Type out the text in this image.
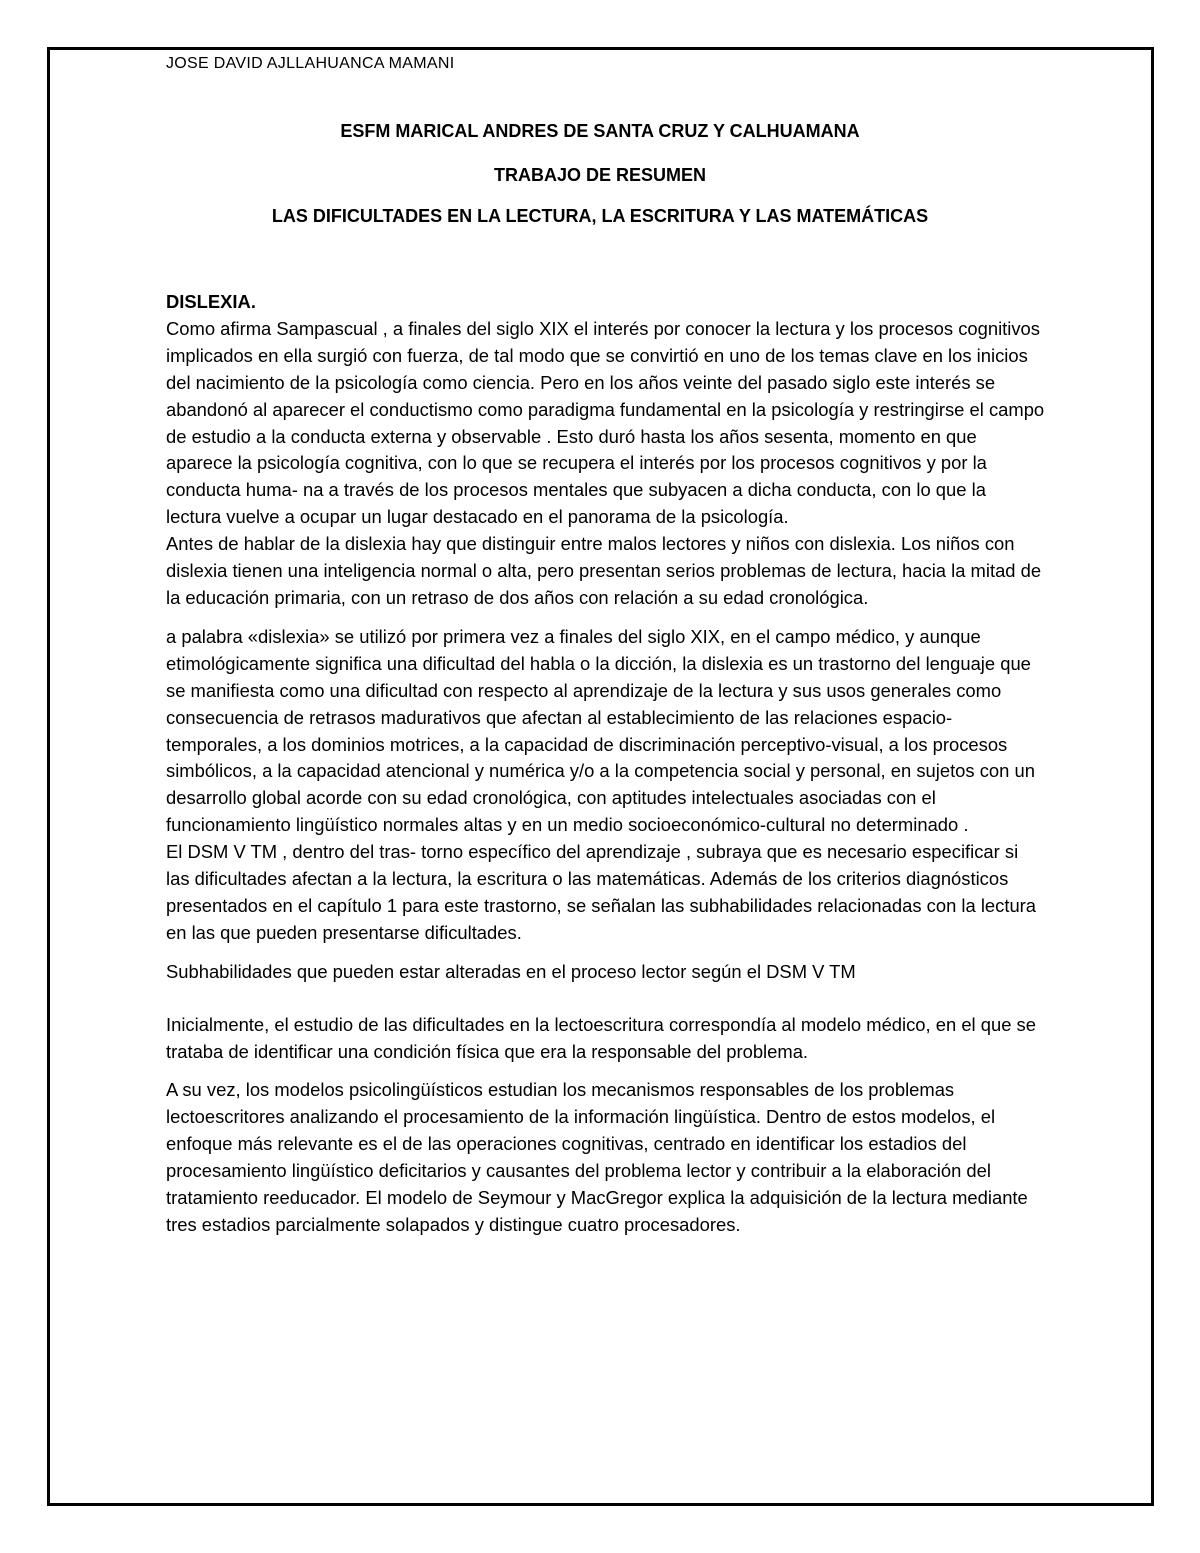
JOSE DAVID AJLLAHUANCA MAMANI
ESFM MARICAL ANDRES DE SANTA CRUZ Y CALHUAMANA
TRABAJO DE RESUMEN
LAS DIFICULTADES EN LA LECTURA, LA ESCRITURA Y LAS MATEMÁTICAS

DISLEXIA.

Como afirma Sampascual , a finales del siglo XIX el interés por conocer la lectura y los procesos cognitivos implicados en ella surgió con fuerza, de tal modo que se convirtió en uno de los temas clave en los inicios del nacimiento de la psicología como ciencia. Pero en los años veinte del pasado siglo este interés se abandonó al aparecer el conductismo como paradigma fundamental en la psicología y restringirse el campo de estudio a la conducta externa y observable . Esto duró hasta los años sesenta, momento en que aparece la psicología cognitiva, con lo que se recupera el interés por los procesos cognitivos y por la conducta huma- na a través de los procesos mentales que subyacen a dicha conducta, con lo que la lectura vuelve a ocupar un lugar destacado en el panorama de la psicología.

Antes de hablar de la dislexia hay que distinguir entre malos lectores y niños con dislexia. Los niños con dislexia tienen una inteligencia normal o alta, pero presentan serios problemas de lectura, hacia la mitad de la educación primaria, con un retraso de dos años con relación a su edad cronológica.

a palabra «dislexia» se utilizó por primera vez a finales del siglo XIX, en el campo médico, y aunque etimológicamente significa una dificultad del habla o la dicción, la dislexia es un trastorno del lenguaje que se manifiesta como una dificultad con respecto al aprendizaje de la lectura y sus usos generales como consecuencia de retrasos madurativos que afectan al establecimiento de las relaciones espacio- temporales, a los dominios motrices, a la capacidad de discriminación perceptivo-visual, a los procesos simbólicos, a la capacidad atencional y numérica y/o a la competencia social y personal, en sujetos con un desarrollo global acorde con su edad cronológica, con aptitudes intelectuales asociadas con el funcionamiento lingüístico normales altas y en un medio socioeconómico-cultural no determinado .

El DSM V TM , dentro del tras- torno específico del aprendizaje , subraya que es necesario especificar si las dificultades afectan a la lectura, la escritura o las matemáticas. Además de los criterios diagnósticos presentados en el capítulo 1 para este trastorno, se señalan las subhabilidades relacionadas con la lectura en las que pueden presentarse dificultades.

Subhabilidades que pueden estar alteradas en el proceso lector según el DSM V TM

Inicialmente, el estudio de las dificultades en la lectoescritura correspondía al modelo médico, en el que se trataba de identificar una condición física que era la responsable del problema.

A su vez, los modelos psicolingüísticos estudian los mecanismos responsables de los problemas lectoescritores analizando el procesamiento de la información lingüística. Dentro de estos modelos, el enfoque más relevante es el de las operaciones cognitivas, centrado en identificar los estadios del procesamiento lingüístico deficitarios y causantes del problema lector y contribuir a la elaboración del tratamiento reeducador. El modelo de Seymour y MacGregor explica la adquisición de la lectura mediante tres estadios parcialmente solapados y distingue cuatro procesadores.
